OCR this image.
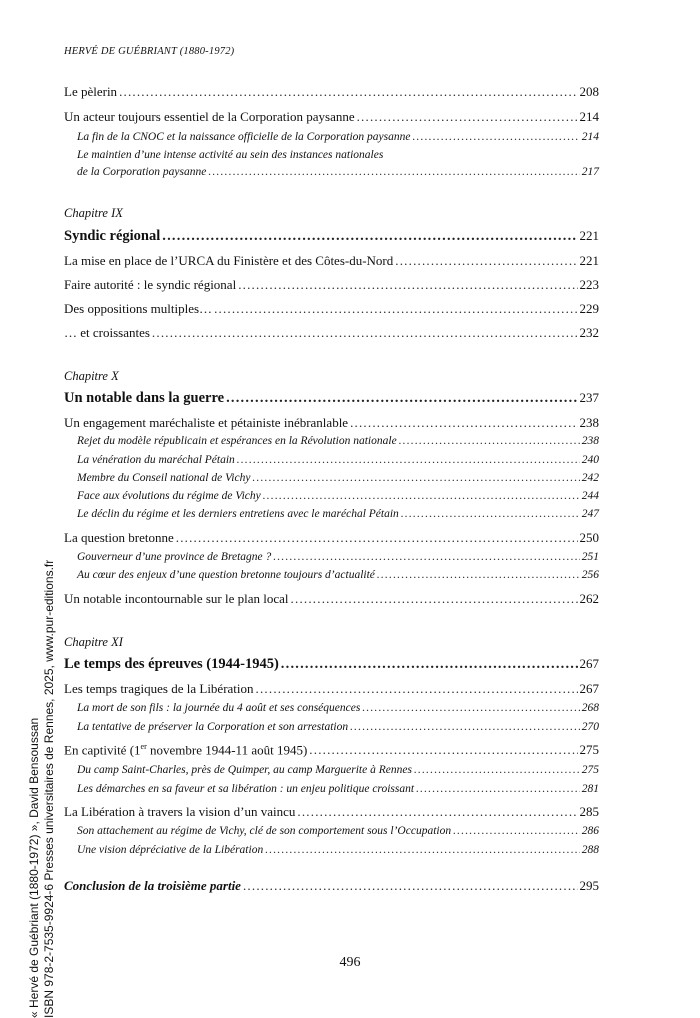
HERVÉ DE GUÉBRIANT (1880-1972)
Le pèlerin .....	208
Un acteur toujours essentiel de la Corporation paysanne .....	214
La fin de la CNOC et la naissance officielle de la Corporation paysanne .....	214
Le maintien d’une intense activité au sein des instances nationales
de la Corporation paysanne .....	217
Chapitre IX
Syndic régional .....	221
La mise en place de l’URCA du Finistère et des Côtes-du-Nord .....	221
Faire autorité : le syndic régional .....	223
Des oppositions multiples… .....	229
… et croissantes .....	232
Chapitre X
Un notable dans la guerre .....	237
Un engagement maréchaliste et pétainiste inébranlable .....	238
Rejet du modèle républicain et espérances en la Révolution nationale .....	238
La vénération du maréchal Pétain .....	240
Membre du Conseil national de Vichy .....	242
Face aux évolutions du régime de Vichy .....	244
Le déclin du régime et les derniers entretiens avec le maréchal Pétain .....	247
La question bretonne .....	250
Gouverneur d’une province de Bretagne ? .....	251
Au cœur des enjeux d’une question bretonne toujours d’actualité .....	256
Un notable incontournable sur le plan local .....	262
Chapitre XI
Le temps des épreuves (1944-1945) .....	267
Les temps tragiques de la Libération .....	267
La mort de son fils : la journée du 4 août et ses conséquences .....	268
La tentative de préserver la Corporation et son arrestation .....	270
En captivité (1er novembre 1944-11 août 1945) .....	275
Du camp Saint-Charles, près de Quimper, au camp Marguerite à Rennes .....	275
Les démarches en sa faveur et sa libération : un enjeu politique croissant .....	281
La Libération à travers la vision d’un vaincu .....	285
Son attachement au régime de Vichy, clé de son comportement sous l’Occupation .....	286
Une vision dépréciative de la Libération .....	288
Conclusion de la troisième partie .....	295
496
« Hervé de Guébriant (1880-1972) », David Bensoussan ISBN 978-2-7535-9924-6 Presses universitaires de Rennes, 2025, www.pur-editions.fr
